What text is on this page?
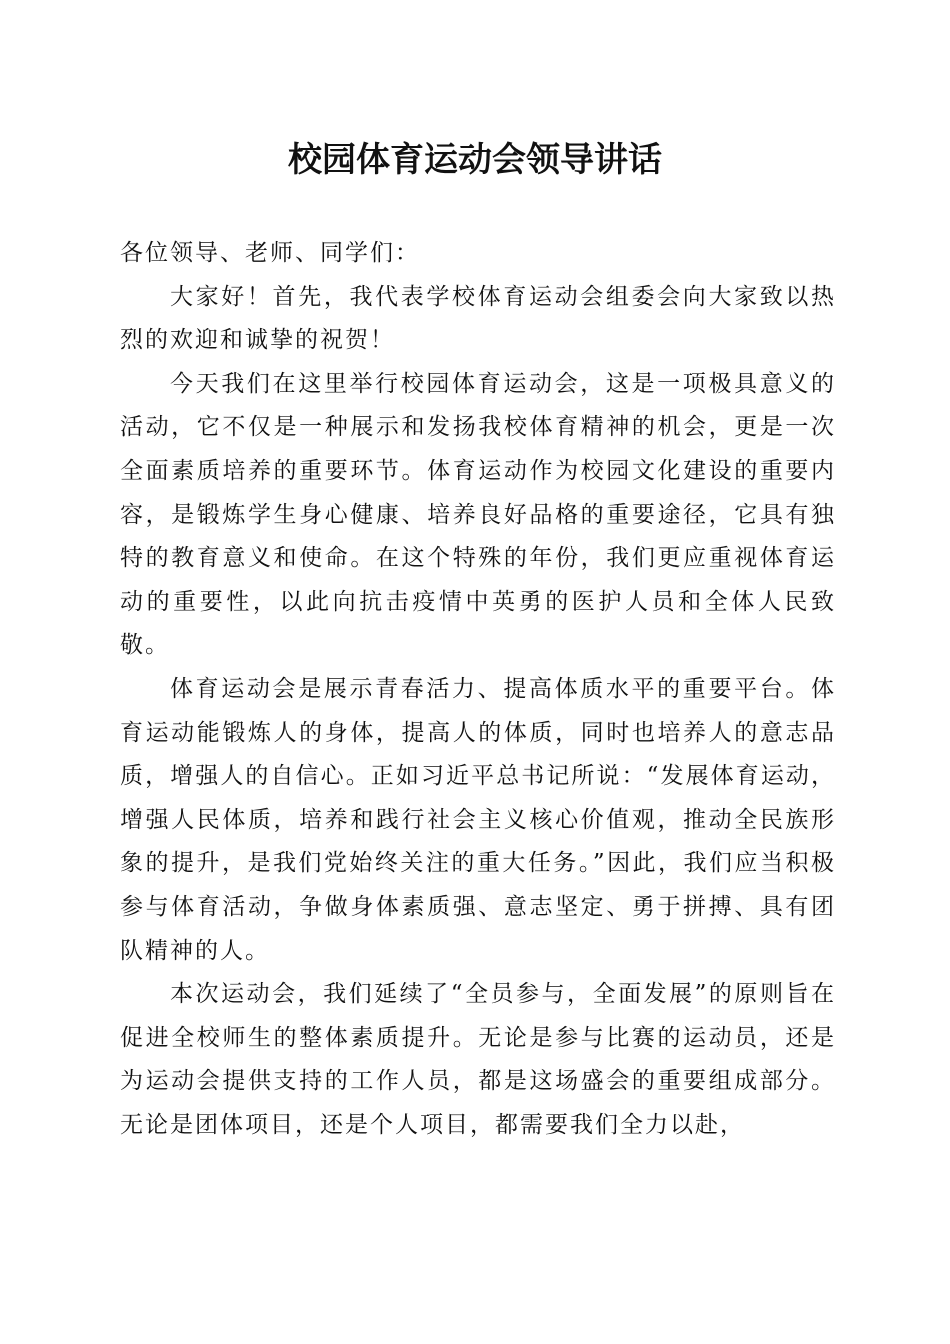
校园体育运动会领导讲话

各位领导、老师、同学们：

大家好！首先，我代表学校体育运动会组委会向大家致以热烈的欢迎和诚挚的祝贺！

今天我们在这里举行校园体育运动会，这是一项极具意义的活动，它不仅是一种展示和发扬我校体育精神的机会，更是一次全面素质培养的重要环节。体育运动作为校园文化建设的重要内容，是锻炼学生身心健康、培养良好品格的重要途径，它具有独特的教育意义和使命。在这个特殊的年份，我们更应重视体育运动的重要性，以此向抗击疫情中英勇的医护人员和全体人民致敬。

体育运动会是展示青春活力、提高体质水平的重要平台。体育运动能锻炼人的身体，提高人的体质，同时也培养人的意志品质，增强人的自信心。正如习近平总书记所说：“发展体育运动，增强人民体质，培养和践行社会主义核心价值观，推动全民族形象的提升，是我们党始终关注的重大任务。”因此，我们应当积极参与体育活动，争做身体素质强、意志坚定、勇于拼搏、具有团队精神的人。

本次运动会，我们延续了“全员参与，全面发展”的原则旨在促进全校师生的整体素质提升。无论是参与比赛的运动员，还是为运动会提供支持的工作人员，都是这场盛会的重要组成部分。无论是团体项目，还是个人项目，都需要我们全力以赴，
